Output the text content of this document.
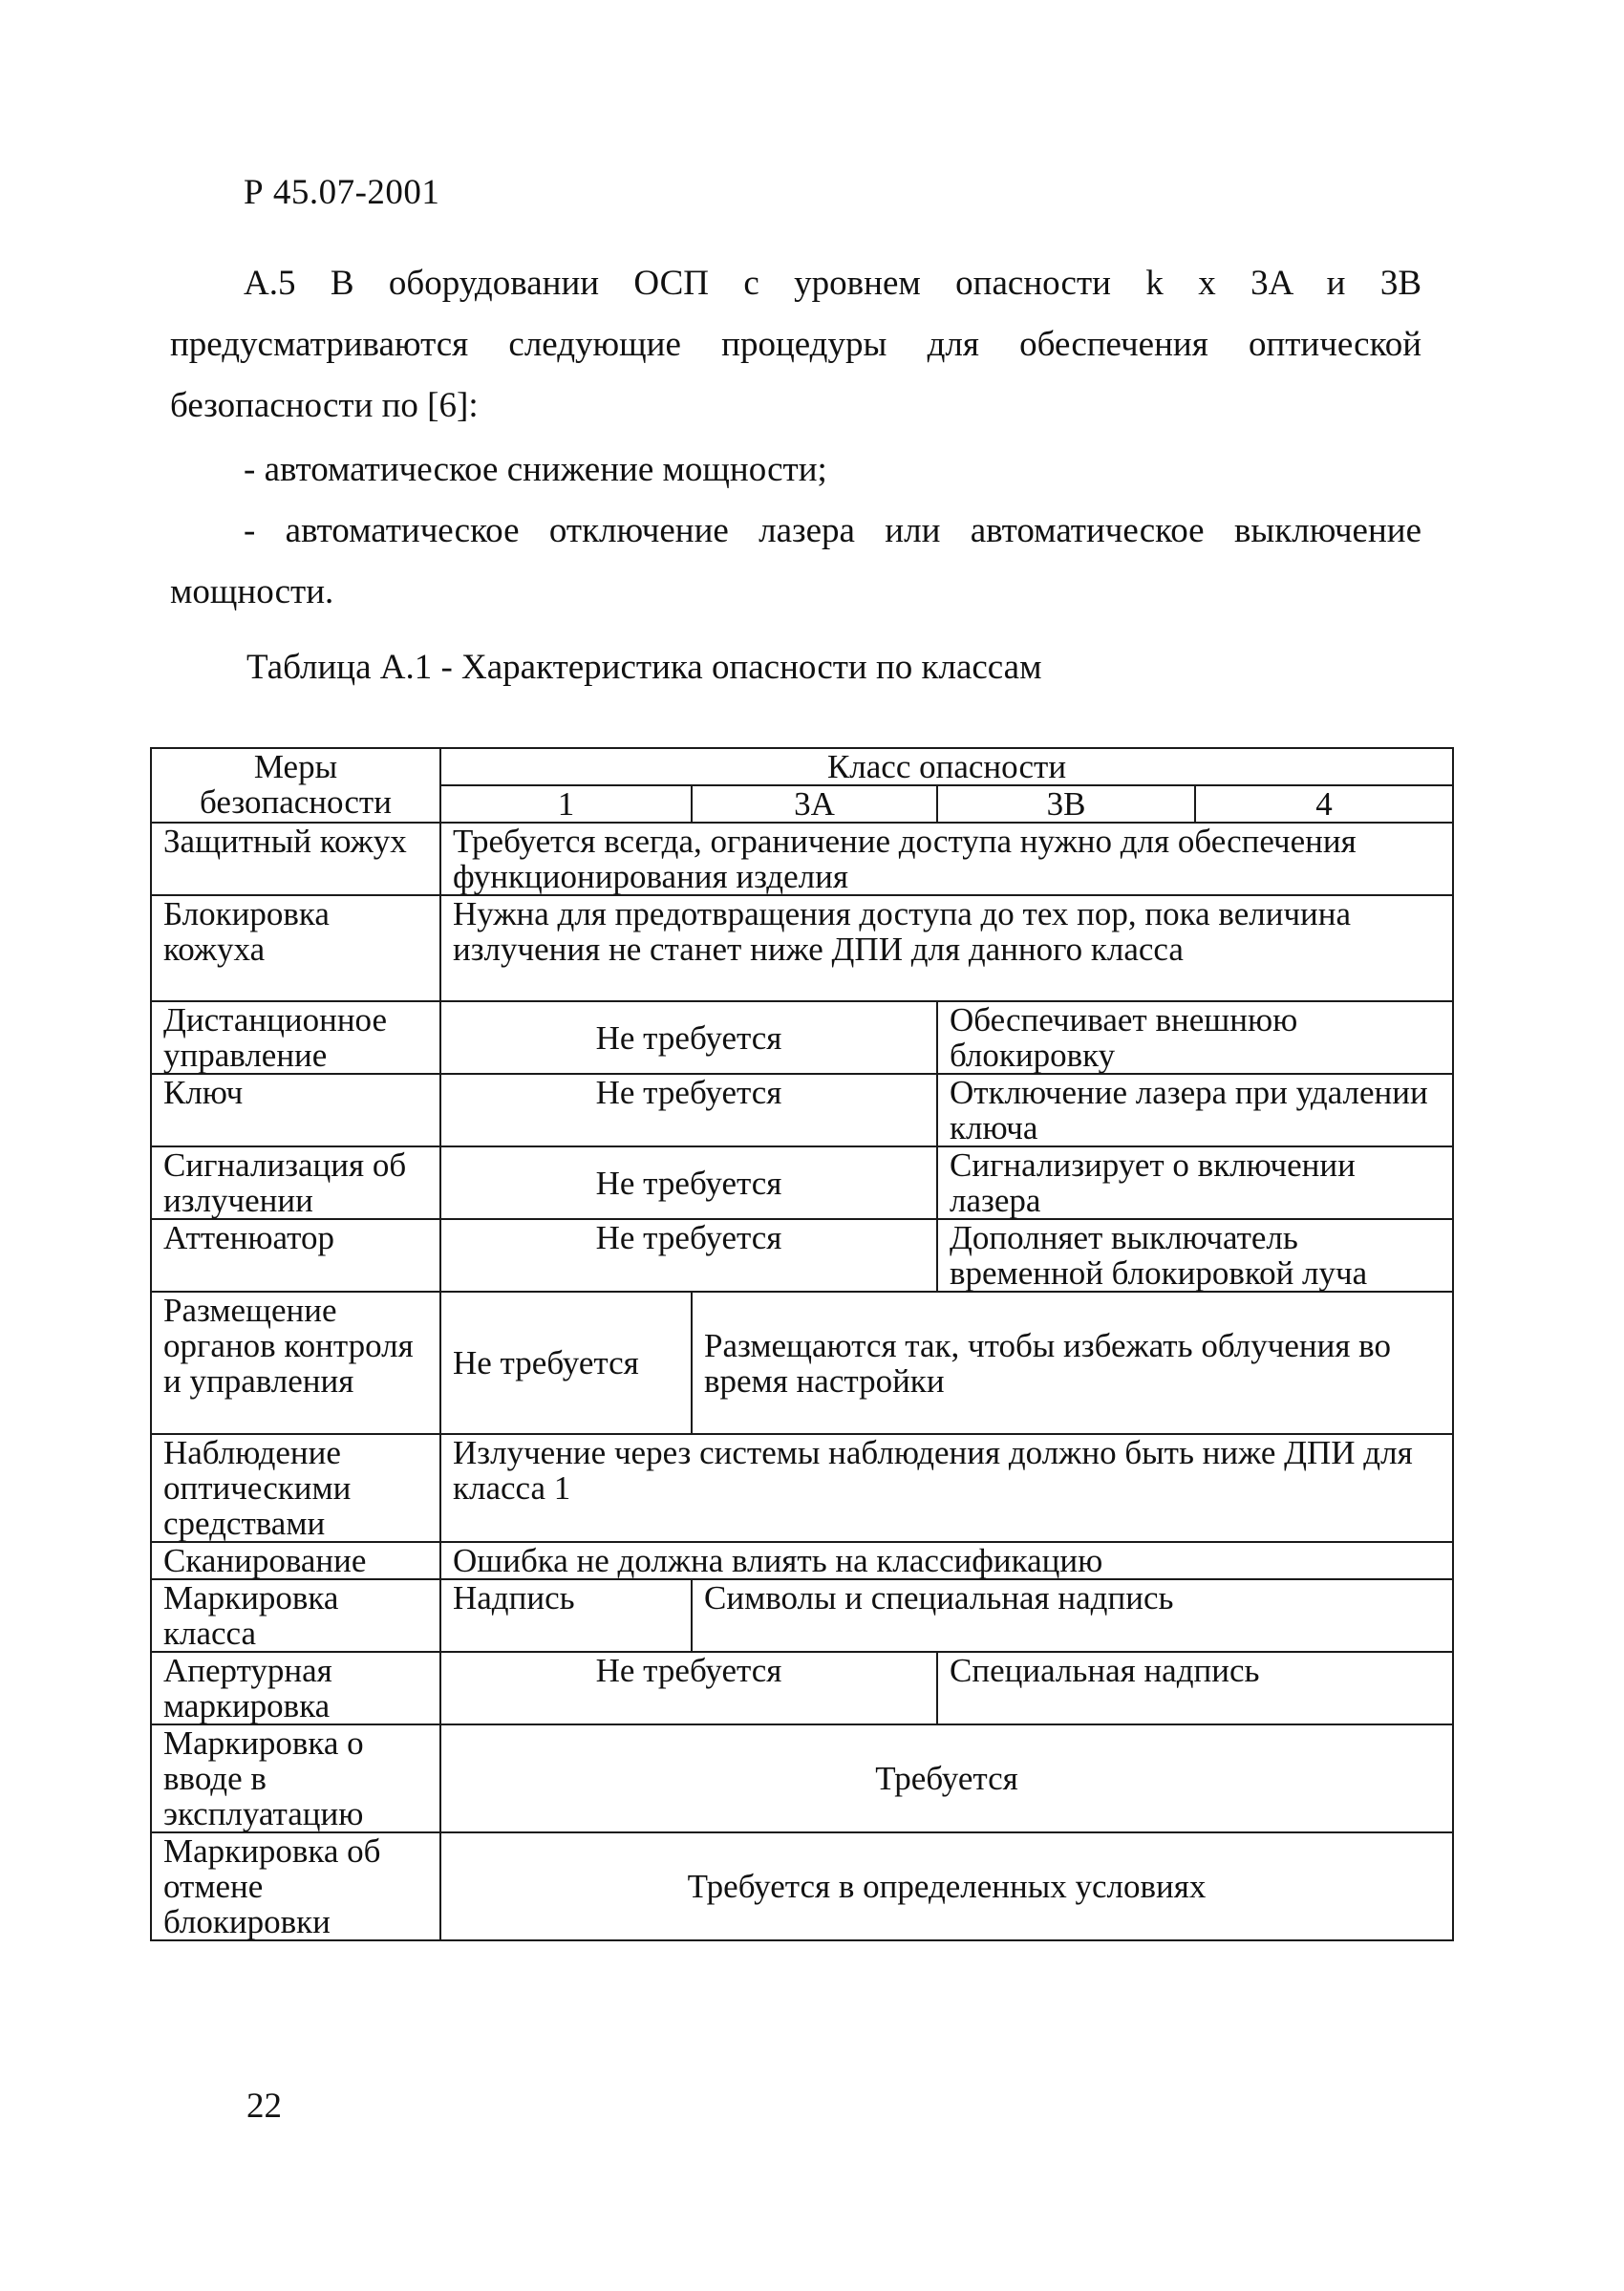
Р 45.07-2001
А.5 В оборудовании ОСП с уровнем опасности k x 3A и 3В предусматриваются следующие процедуры для обеспечения оптической безопасности по [6]:
- автоматическое снижение мощности;
- автоматическое отключение лазера или автоматическое выключение мощности.
Таблица А.1 - Характеристика опасности по классам
Меры безопасности	Класс опасности			
	1	3A	3B	4
Защитный кожух	Требуется всегда, ограничение доступа нужно для обеспечения функционирования изделия			
Блокировка кожуха	Нужна для предотвращения доступа до тех пор, пока величина излучения не станет ниже ДПИ для данного класса			
Дистанционное управление	Не требуется		Обеспечивает внешнюю блокировку	
Ключ	Не требуется		Отключение лазера при удалении ключа	
Сигнализация об излучении	Не требуется		Сигнализирует о включении лазера	
Аттенюатор	Не требуется		Дополняет выключатель временной блокировкой луча	
Размещение органов контроля и управления	Не требуется	Размещаются так, чтобы избежать облучения во время настройки		
Наблюдение оптическими средствами	Излучение через системы наблюдения должно быть ниже ДПИ для класса 1			
Сканирование	Ошибка не должна влиять на классификацию			
Маркировка класса	Надпись	Символы и специальная надпись		
Апертурная маркировка	Не требуется		Специальная надпись	
Маркировка о вводе в эксплуатацию	Требуется			
Маркировка об отмене блокировки	Требуется в определенных условиях			
22
